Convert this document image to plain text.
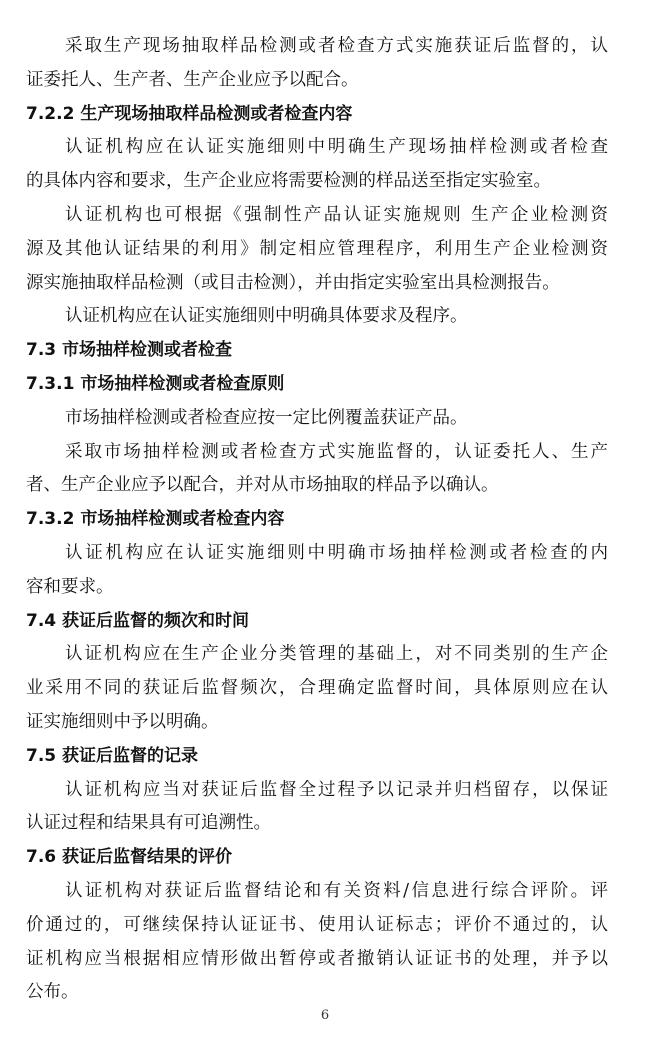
采取生产现场抽取样品检测或者检查方式实施获证后监督的，认
证委托人、生产者、生产企业应予以配合。
7.2.2 生产现场抽取样品检测或者检查内容
认证机构应在认证实施细则中明确生产现场抽样检测或者检查
的具体内容和要求，生产企业应将需要检测的样品送至指定实验室。
认证机构也可根据《强制性产品认证实施规则 生产企业检测资
源及其他认证结果的利用》制定相应管理程序，利用生产企业检测资
源实施抽取样品检测（或目击检测），并由指定实验室出具检测报告。
认证机构应在认证实施细则中明确具体要求及程序。
7.3 市场抽样检测或者检查
7.3.1 市场抽样检测或者检查原则
市场抽样检测或者检查应按一定比例覆盖获证产品。
采取市场抽样检测或者检查方式实施监督的，认证委托人、生产
者、生产企业应予以配合，并对从市场抽取的样品予以确认。
7.3.2 市场抽样检测或者检查内容
认证机构应在认证实施细则中明确市场抽样检测或者检查的内
容和要求。
7.4 获证后监督的频次和时间
认证机构应在生产企业分类管理的基础上，对不同类别的生产企
业采用不同的获证后监督频次，合理确定监督时间，具体原则应在认
证实施细则中予以明确。
7.5 获证后监督的记录
认证机构应当对获证后监督全过程予以记录并归档留存，以保证
认证过程和结果具有可追溯性。
7.6 获证后监督结果的评价
认证机构对获证后监督结论和有关资料/信息进行综合评阶。评
价通过的，可继续保持认证证书、使用认证标志；评价不通过的，认
证机构应当根据相应情形做出暂停或者撤销认证证书的处理，并予以
公布。
6
